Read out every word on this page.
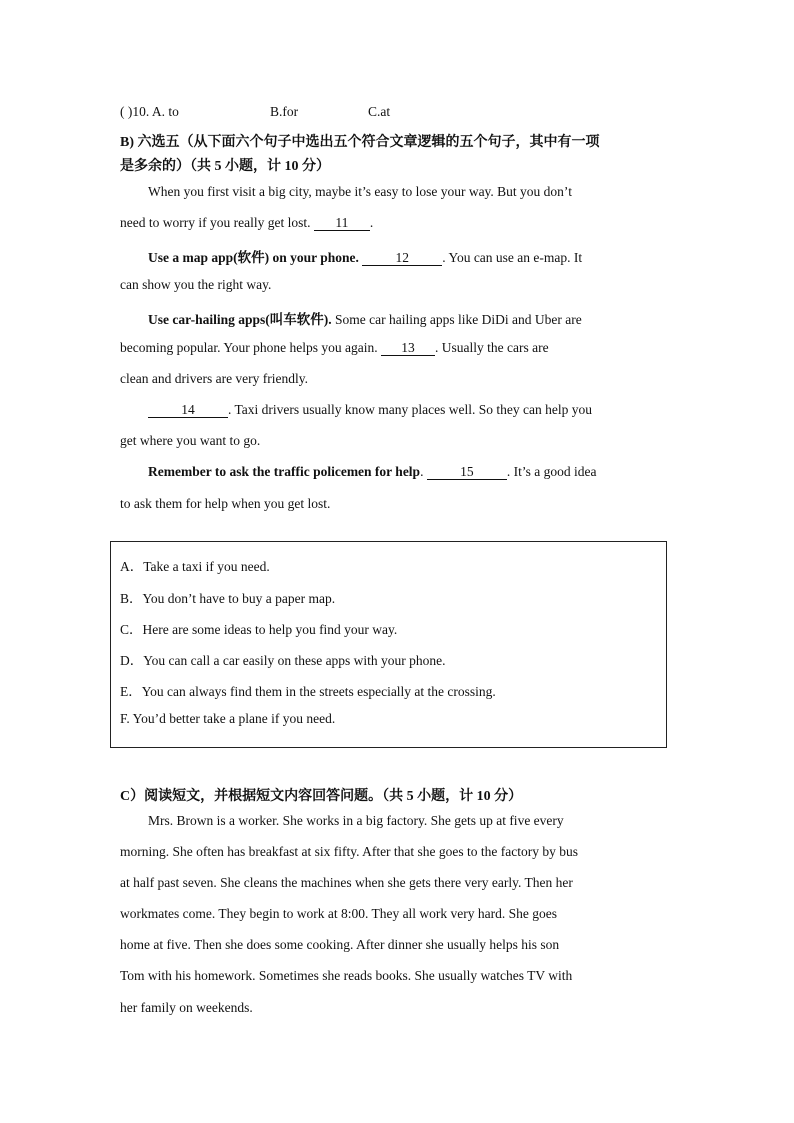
( )10. A. to	B.for	C.at
B) 六选五（从下面六个句子中选出五个符合文章逻辑的五个句子，其中有一项
是多余的）（共 5 小题，计 10 分）
When you first visit a big city, maybe it’s easy to lose your way. But you don’t
need to worry if you really get lost. 11 .
Use a map app(软件) on your phone. 12 . You can use an e-map. It
can show you the right way.
Use car-hailing apps(叫车软件). Some car hailing apps like DiDi and Uber are
becoming popular. Your phone helps you again. 13 . Usually the cars are
clean and drivers are very friendly.
14 . Taxi drivers usually know many places well. So they can help you
get where you want to go.
Remember to ask the traffic policemen for help. 15 . It’s a good idea
to ask them for help when you get lost.
A．Take a taxi if you need.
B．You don’t have to buy a paper map.
C．Here are some ideas to help you find your way.
D．You can call a car easily on these apps with your phone.
E．You can always find them in the streets especially at the crossing.
F. You’d better take a plane if you need.
C）阅读短文，并根据短文内容回答问题。（共 5 小题，计 10 分）
Mrs. Brown is a worker. She works in a big factory. She gets up at five every
morning. She often has breakfast at six fifty. After that she goes to the factory by bus
at half past seven. She cleans the machines when she gets there very early. Then her
workmates come. They begin to work at 8:00. They all work very hard. She goes
home at five. Then she does some cooking. After dinner she usually helps his son
Tom with his homework. Sometimes she reads books. She usually watches TV with
her family on weekends.
